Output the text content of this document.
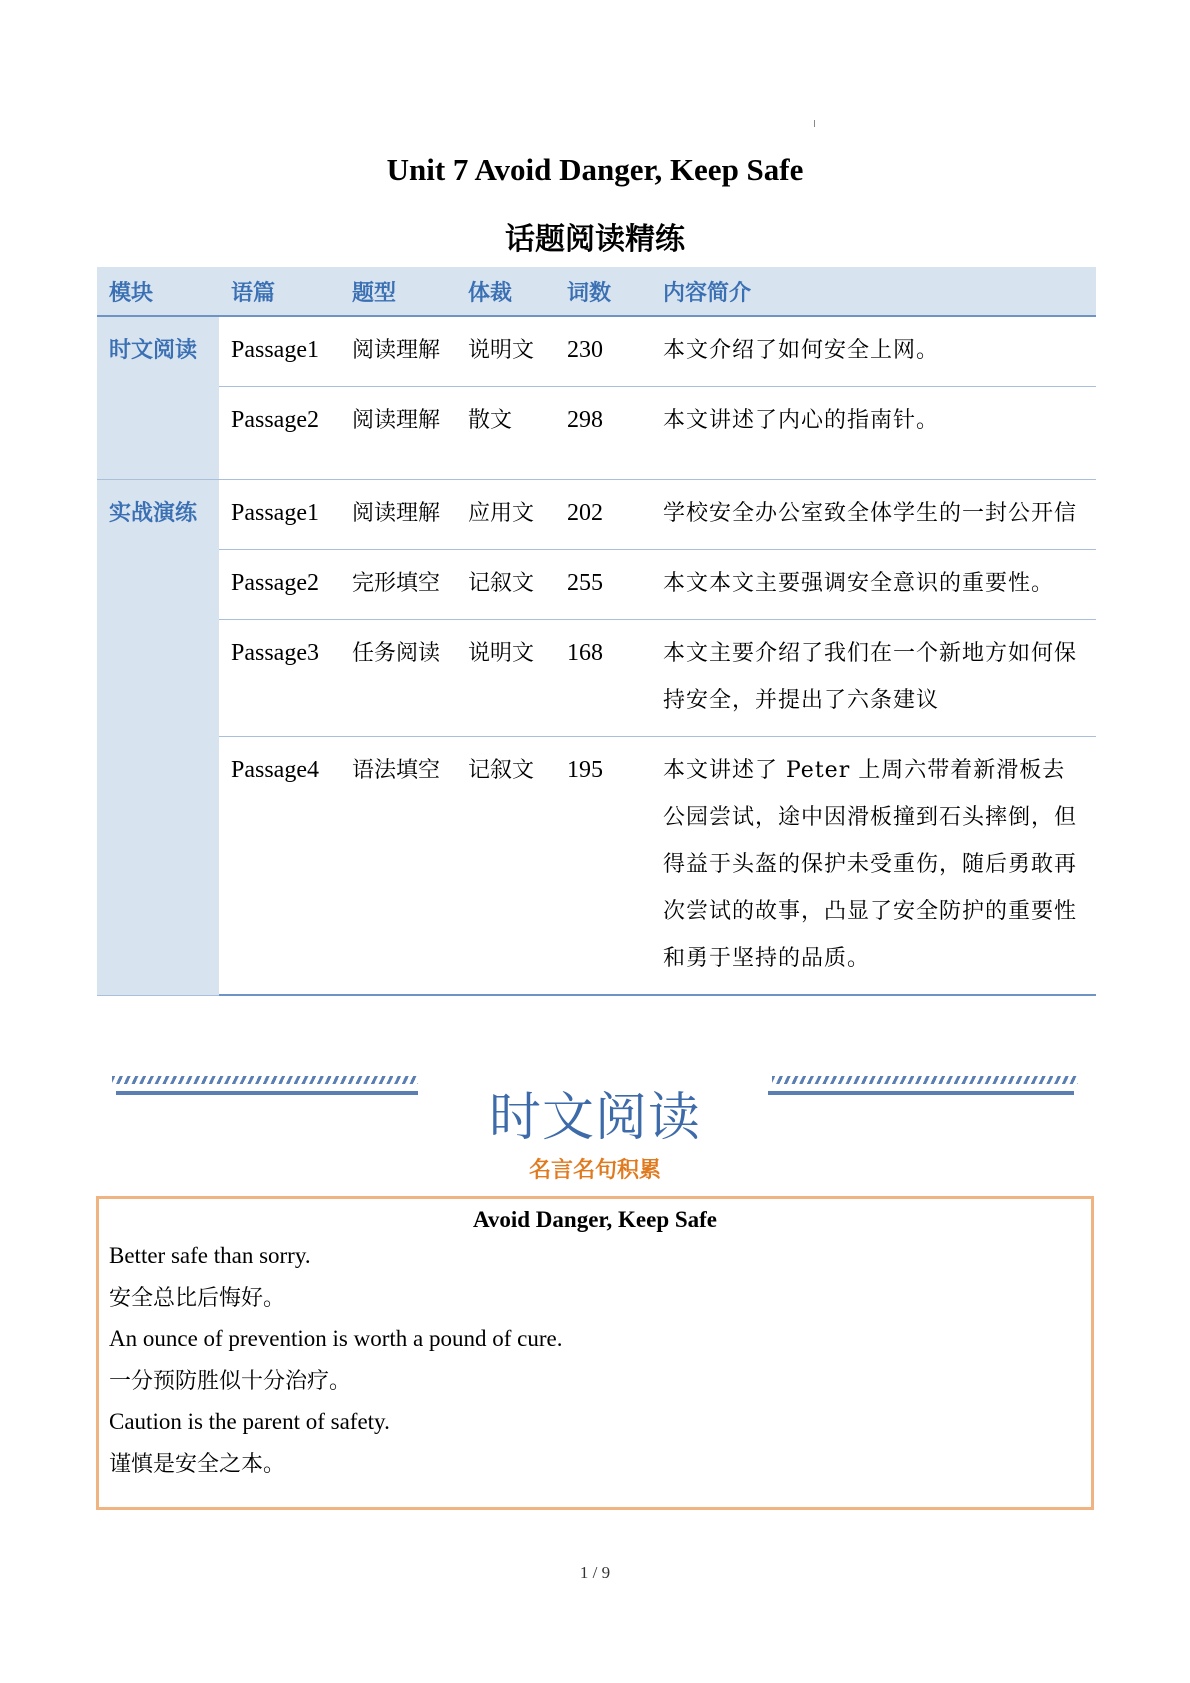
Unit 7 Avoid Danger, Keep Safe
话题阅读精练
模块	语篇	题型	体裁	词数	内容简介
时文阅读	Passage1	阅读理解	说明文	230	本文介绍了如何安全上网。
	Passage2	阅读理解	散文	298	本文讲述了内心的指南针。
实战演练	Passage1	阅读理解	应用文	202	学校安全办公室致全体学生的一封公开信
	Passage2	完形填空	记叙文	255	本文本文主要强调安全意识的重要性。
	Passage3	任务阅读	说明文	168	本文主要介绍了我们在一个新地方如何保持安全，并提出了六条建议
	Passage4	语法填空	记叙文	195	本文讲述了 Peter 上周六带着新滑板去公园尝试，途中因滑板撞到石头摔倒，但得益于头盔的保护未受重伤，随后勇敢再次尝试的故事，凸显了安全防护的重要性和勇于坚持的品质。
时文阅读
名言名句积累
Avoid Danger, Keep Safe
Better safe than sorry.
安全总比后悔好。
An ounce of prevention is worth a pound of cure.
一分预防胜似十分治疗。
Caution is the parent of safety.
谨慎是安全之本。
1 / 9
